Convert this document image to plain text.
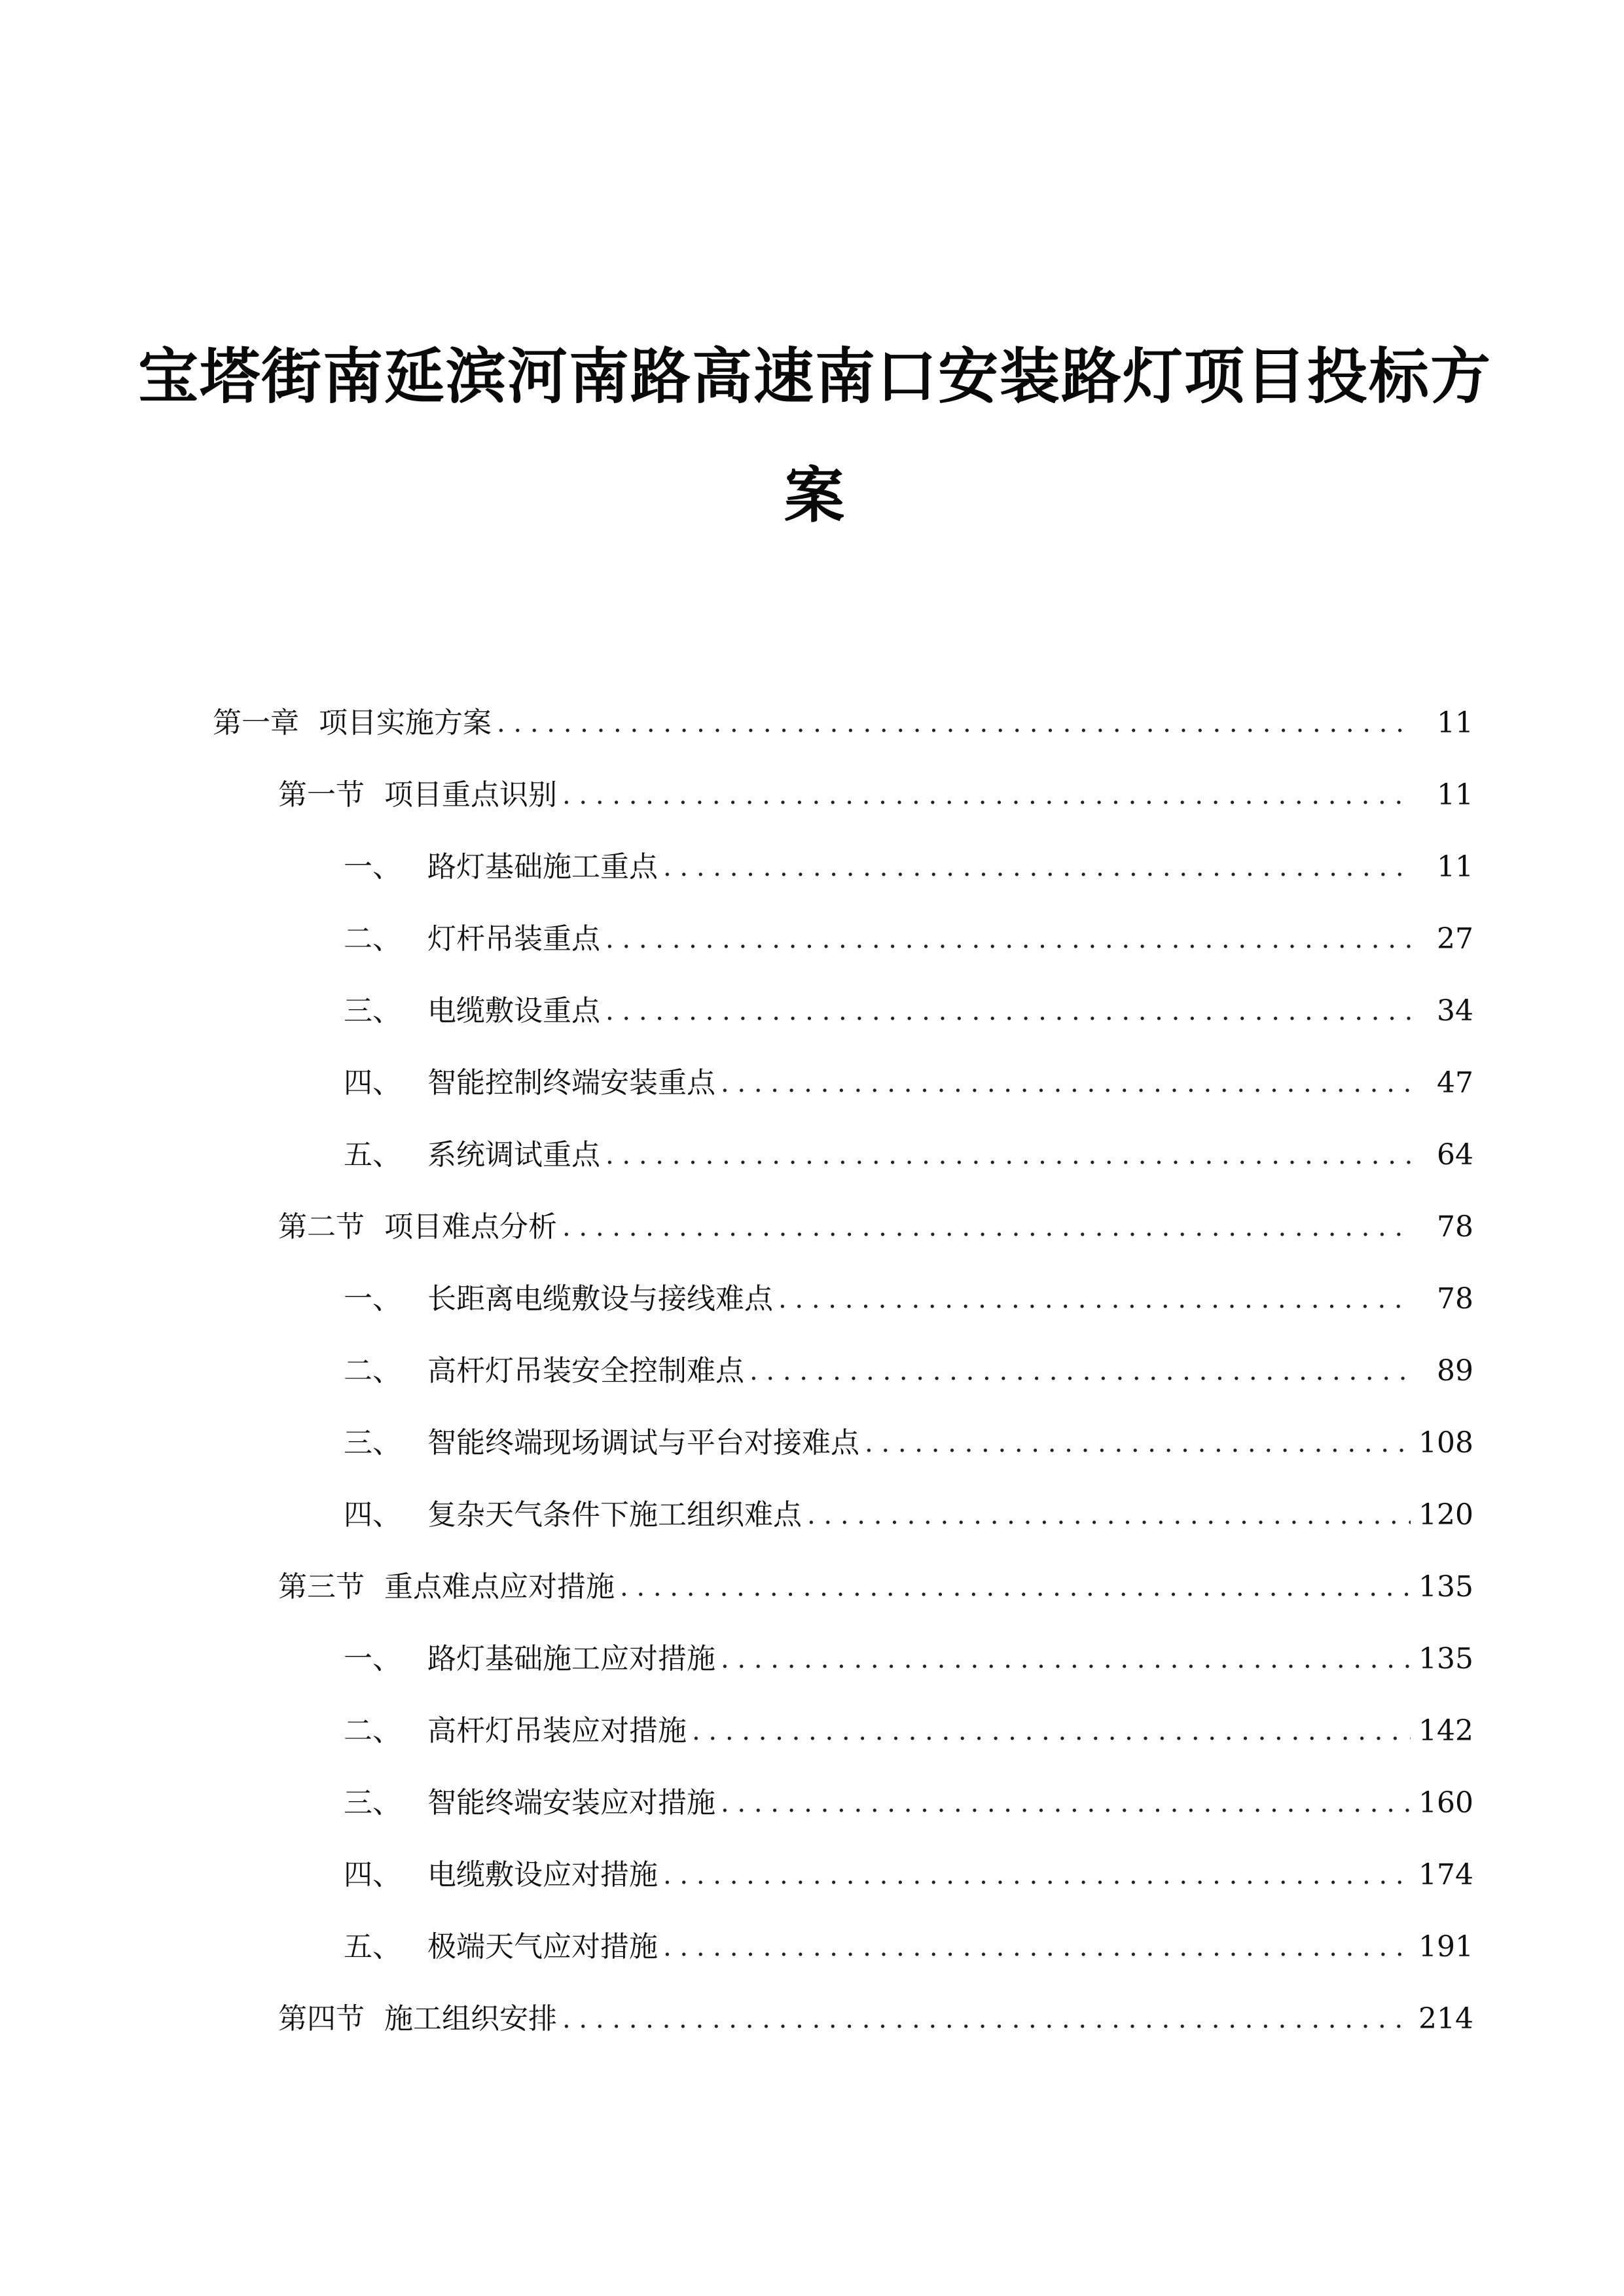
宝塔街南延滨河南路高速南口安装路灯项目投标方
案
第一章 项目实施方案 . . .	11
第一节 项目重点识别 . . .	11
一、 路灯基础施工重点 . . .	11
二、 灯杆吊装重点 . . .	27
三、 电缆敷设重点 . . .	34
四、 智能控制终端安装重点 . . .	47
五、 系统调试重点 . . .	64
第二节 项目难点分析 . . .	78
一、 长距离电缆敷设与接线难点 . . .	78
二、 高杆灯吊装安全控制难点 . . .	89
三、 智能终端现场调试与平台对接难点 . . .	108
四、 复杂天气条件下施工组织难点 . . .	120
第三节 重点难点应对措施 . . .	135
一、 路灯基础施工应对措施 . . .	135
二、 高杆灯吊装应对措施 . . .	142
三、 智能终端安装应对措施 . . .	160
四、 电缆敷设应对措施 . . .	174
五、 极端天气应对措施 . . .	191
第四节 施工组织安排 . . .	214
